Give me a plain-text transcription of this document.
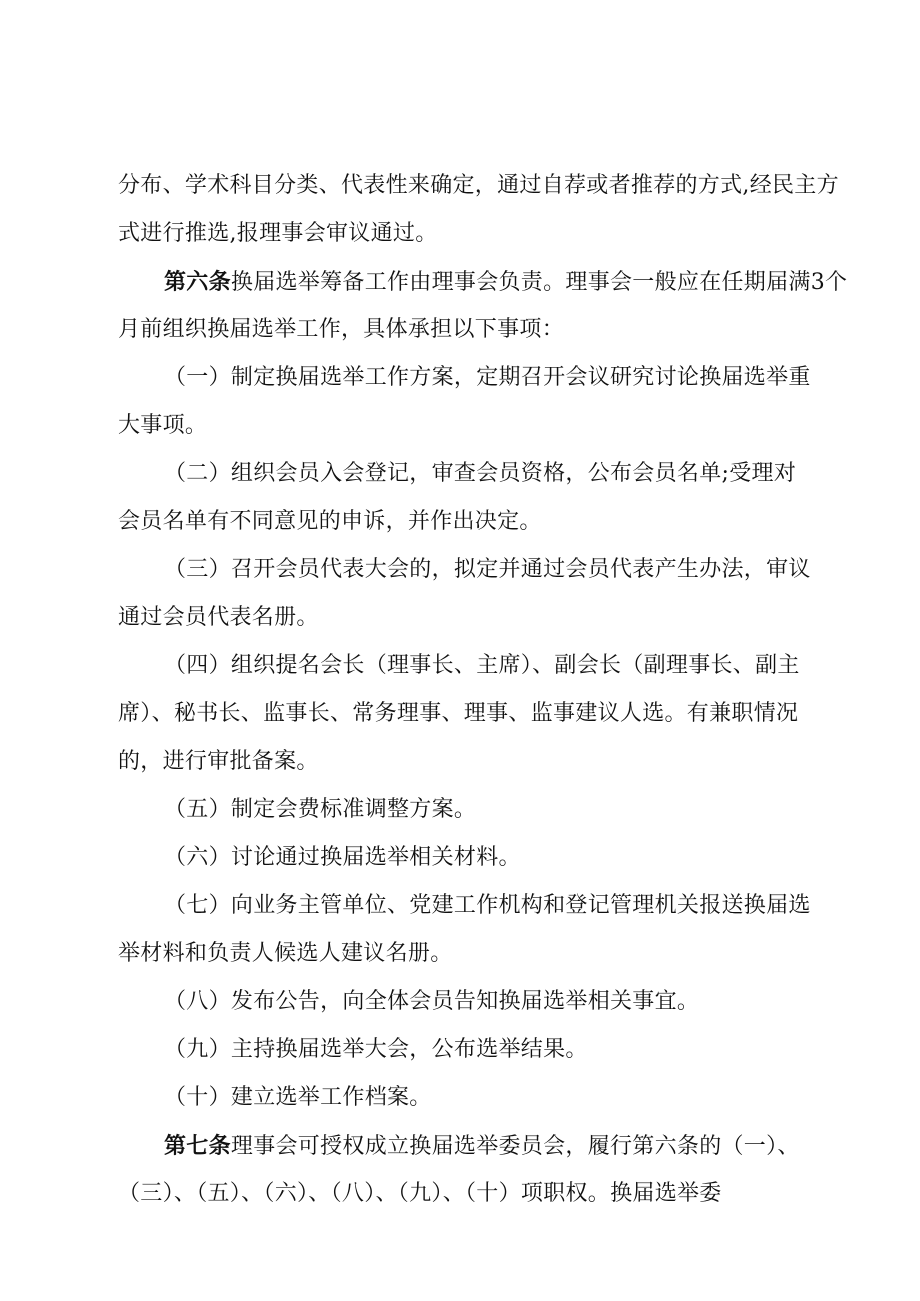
分布、学术科目分类、代表性来确定，通过自荐或者推荐的方式,经民主方
式进行推选,报理事会审议通过。
第六条换届选举筹备工作由理事会负责。理事会一般应在任期届满3个
月前组织换届选举工作，具体承担以下事项：
（一）制定换届选举工作方案，定期召开会议研究讨论换届选举重
大事项。
（二）组织会员入会登记，审查会员资格，公布会员名单;受理对
会员名单有不同意见的申诉，并作出决定。
（三）召开会员代表大会的，拟定并通过会员代表产生办法，审议
通过会员代表名册。
（四）组织提名会长（理事长、主席）、副会长（副理事长、副主
席）、秘书长、监事长、常务理事、理事、监事建议人选。有兼职情况
的，进行审批备案。
（五）制定会费标准调整方案。
（六）讨论通过换届选举相关材料。
（七）向业务主管单位、党建工作机构和登记管理机关报送换届选
举材料和负责人候选人建议名册。
（八）发布公告，向全体会员告知换届选举相关事宜。
（九）主持换届选举大会，公布选举结果。
（十）建立选举工作档案。
第七条理事会可授权成立换届选举委员会，履行第六条的（一）、
（三）、（五）、（六）、（八）、（九）、（十）项职权。换届选举委
